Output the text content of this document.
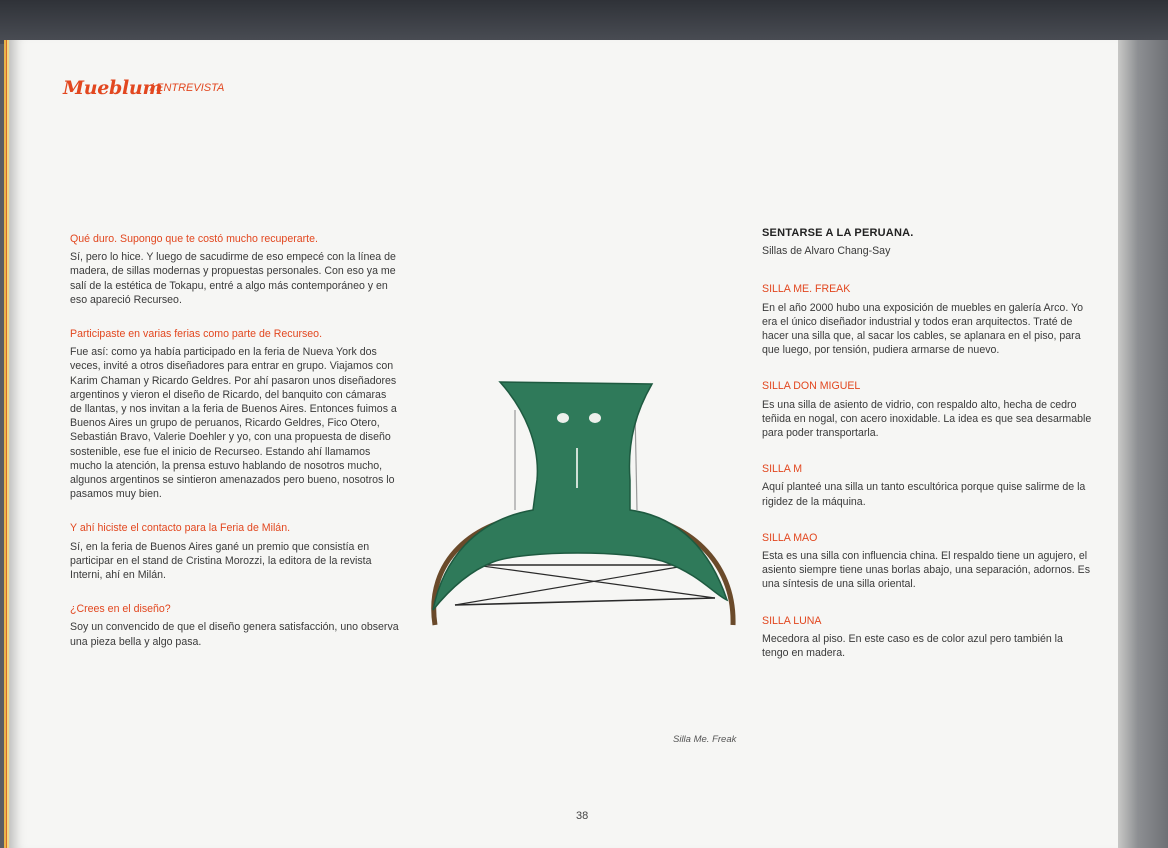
Mueblum
/ ENTREVISTA

Qué duro. Supongo que te costó mucho recuperarte.

Sí, pero lo hice. Y luego de sacudirme de eso empecé con la línea de madera, de sillas modernas y propuestas personales. Con eso ya me salí de la estética de Tokapu, entré a algo más contemporáneo y en eso apareció Recurseo.

Participaste en varias ferias como parte de Recurseo.

Fue así: como ya había participado en la feria de Nueva York dos veces, invité a otros diseñadores para entrar en grupo. Viajamos con Karim Chaman y Ricardo Geldres. Por ahí pasaron unos diseñadores argentinos y vieron el diseño de Ricardo, del banquito con cámaras de llantas, y nos invitan a la feria de Buenos Aires. Entonces fuimos a Buenos Aires un grupo de peruanos, Ricardo Geldres, Fico Otero, Sebastián Bravo, Valerie Doehler y yo, con una propuesta de diseño sostenible, ese fue el inicio de Recurseo. Estando ahí llamamos mucho la atención, la prensa estuvo hablando de nosotros mucho, algunos argentinos se sintieron amenazados pero bueno, nosotros lo pasamos muy bien.

Y ahí hiciste el contacto para la Feria de Milán.

Sí, en la feria de Buenos Aires gané un premio que consistía en participar en el stand de Cristina Morozzi, la editora de la revista Interni, ahí en Milán.

¿Crees en el diseño?

Soy un convencido de que el diseño genera satisfacción, uno observa una pieza bella y algo pasa.

Silla Me. Freak

SENTARSE A LA PERUANA.

Sillas de Alvaro Chang-Say

SILLA ME. FREAK

En el año 2000 hubo una exposición de muebles en galería Arco. Yo era el único diseñador industrial y todos eran arquitectos. Traté de hacer una silla que, al sacar los cables, se aplanara en el piso, para que luego, por tensión, pudiera armarse de nuevo.

SILLA DON MIGUEL

Es una silla de asiento de vidrio, con respaldo alto, hecha de cedro teñida en nogal, con acero inoxidable. La idea es que sea desarmable para poder transportarla.

SILLA M

Aquí planteé una silla un tanto escultórica porque quise salirme de la rigidez de la máquina.

SILLA MAO

Esta es una silla con influencia china. El respaldo tiene un agujero, el asiento siempre tiene unas borlas abajo, una separación, adornos. Es una síntesis de una silla oriental.

SILLA LUNA

Mecedora al piso. En este caso es de color azul pero también la tengo en madera.

38
